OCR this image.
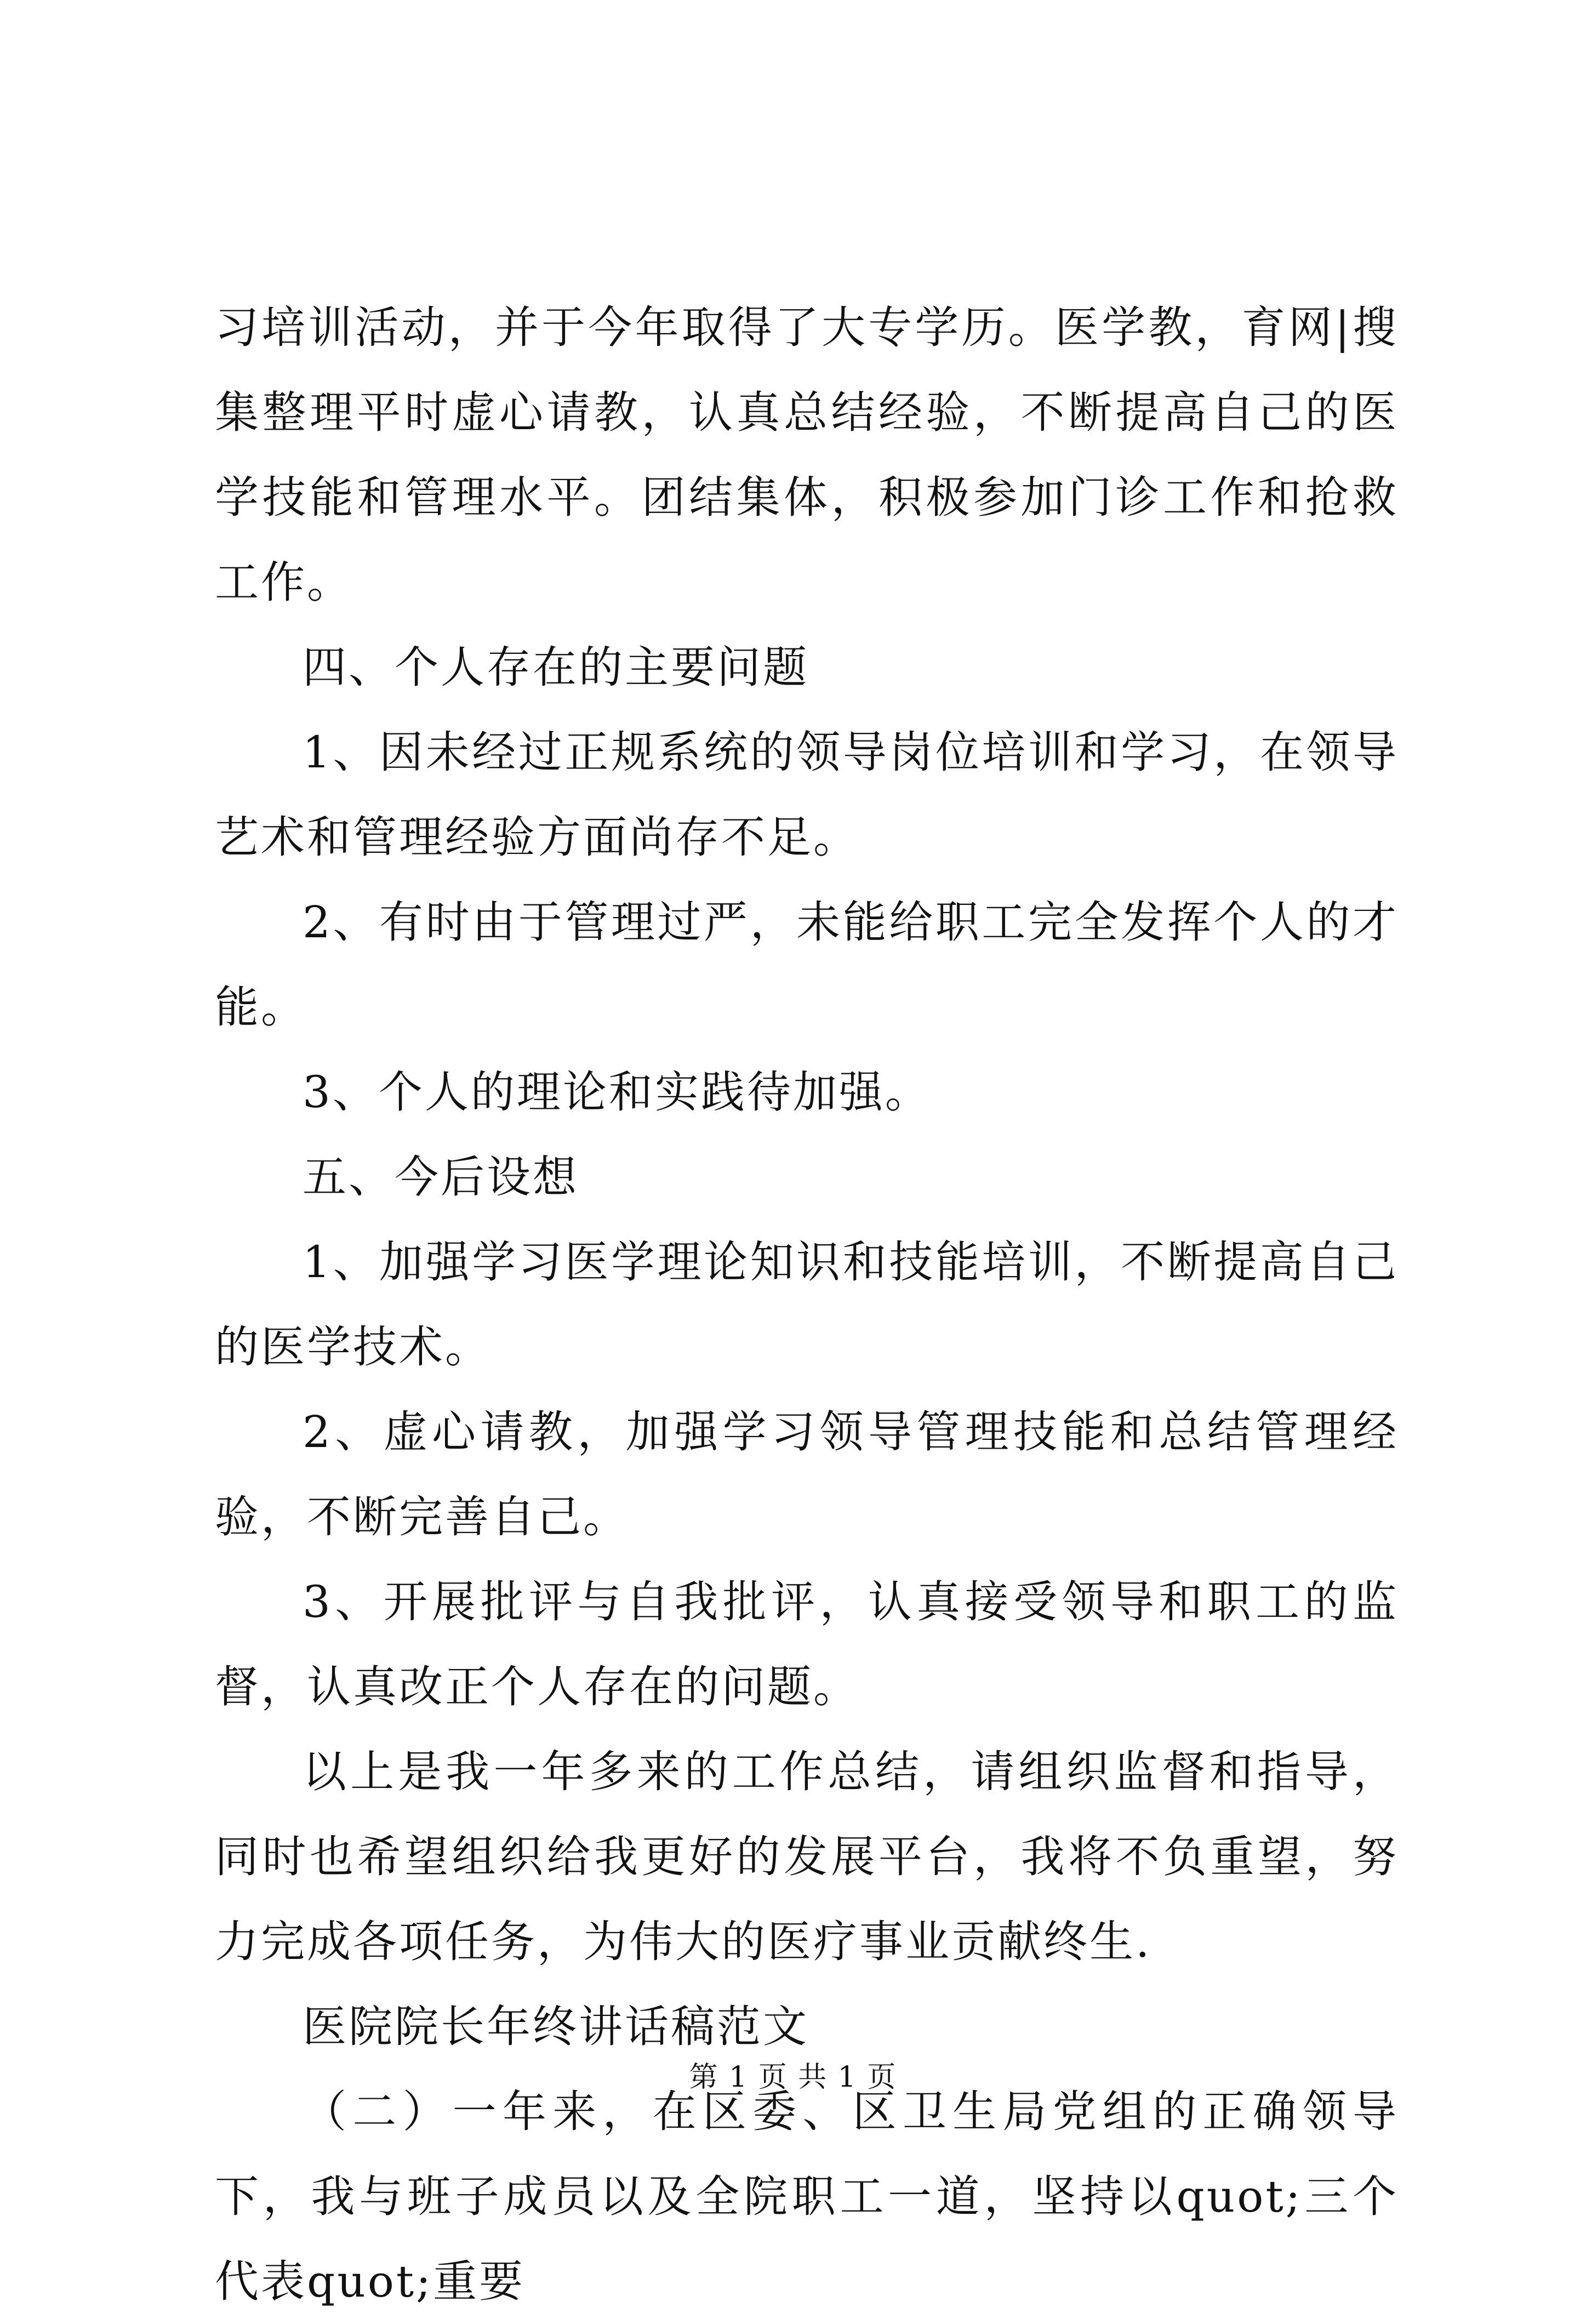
习培训活动，并于今年取得了大专学历。医学教，育网|搜集整理平时虚心请教，认真总结经验，不断提高自己的医学技能和管理水平。团结集体，积极参加门诊工作和抢救工作。

四、个人存在的主要问题

1、因未经过正规系统的领导岗位培训和学习，在领导艺术和管理经验方面尚存不足。

2、有时由于管理过严，未能给职工完全发挥个人的才能。

3、个人的理论和实践待加强。

五、今后设想

1、加强学习医学理论知识和技能培训，不断提高自己的医学技术。

2、虚心请教，加强学习领导管理技能和总结管理经验，不断完善自己。

3、开展批评与自我批评，认真接受领导和职工的监督，认真改正个人存在的问题。

以上是我一年多来的工作总结，请组织监督和指导，同时也希望组织给我更好的发展平台，我将不负重望，努力完成各项任务，为伟大的医疗事业贡献终生.

医院院长年终讲话稿范文

（二）一年来，在区委、区卫生局党组的正确领导下，我与班子成员以及全院职工一道，坚持以quot;三个代表quot;重要

第 1 页 共 1 页
